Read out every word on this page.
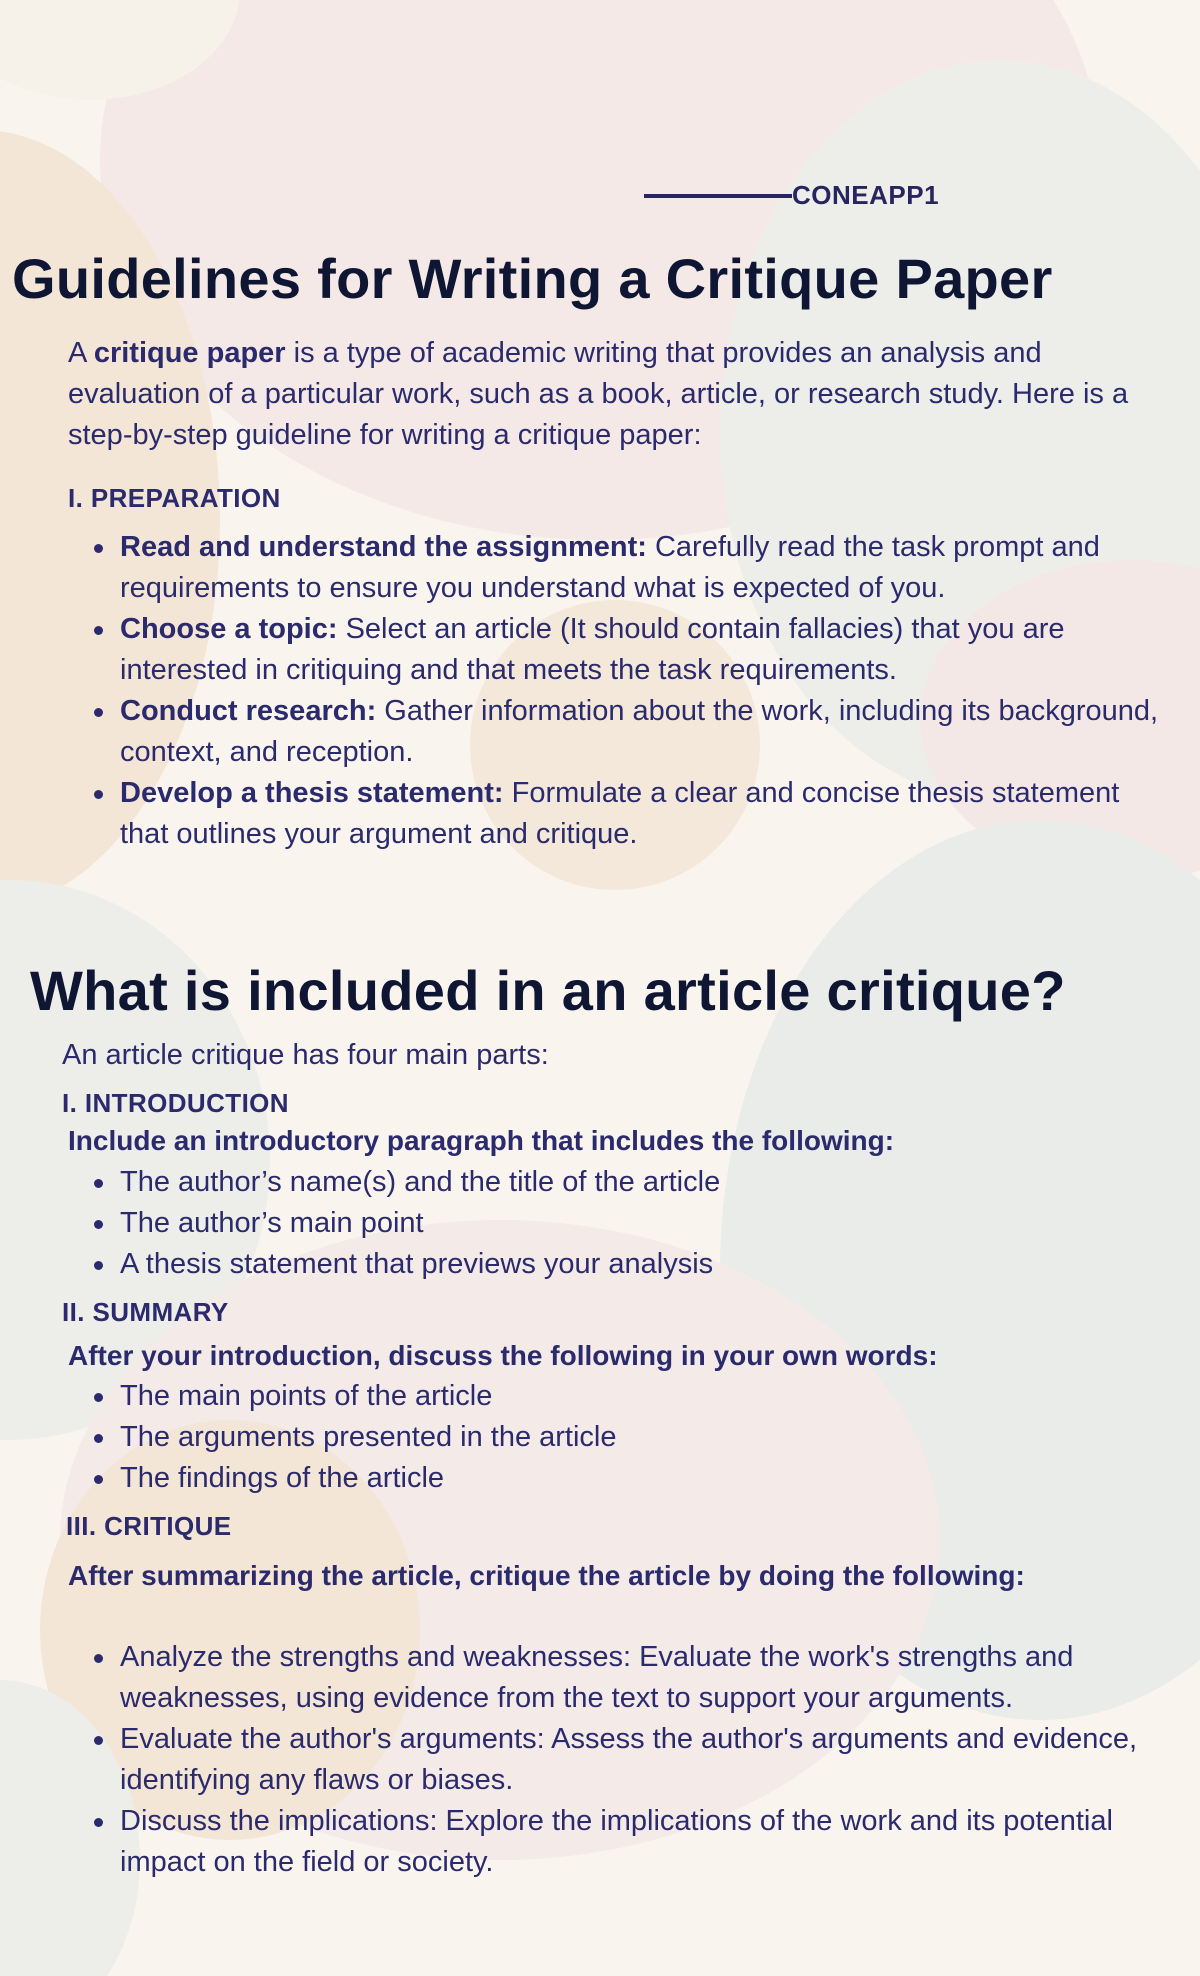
CONEAPP1
Guidelines for Writing a Critique Paper

A critique paper is a type of academic writing that provides an analysis and evaluation of a particular work, such as a book, article, or research study. Here is a step-by-step guideline for writing a critique paper:

I. PREPARATION
Read and understand the assignment: Carefully read the task prompt and requirements to ensure you understand what is expected of you.
Choose a topic: Select an article (It should contain fallacies) that you are interested in critiquing and that meets the task requirements.
Conduct research: Gather information about the work, including its background, context, and reception.
Develop a thesis statement: Formulate a clear and concise thesis statement that outlines your argument and critique.
What is included in an article critique?

An article critique has four main parts:

I. INTRODUCTION

Include an introductory paragraph that includes the following:

The author’s name(s) and the title of the article
The author’s main point
A thesis statement that previews your analysis
II. SUMMARY

After your introduction, discuss the following in your own words:

The main points of the article
The arguments presented in the article
The findings of the article
III. CRITIQUE

After summarizing the article, critique the article by doing the following:

Analyze the strengths and weaknesses: Evaluate the work's strengths and weaknesses, using evidence from the text to support your arguments.
Evaluate the author's arguments: Assess the author's arguments and evidence, identifying any flaws or biases.
Discuss the implications: Explore the implications of the work and its potential impact on the field or society.
